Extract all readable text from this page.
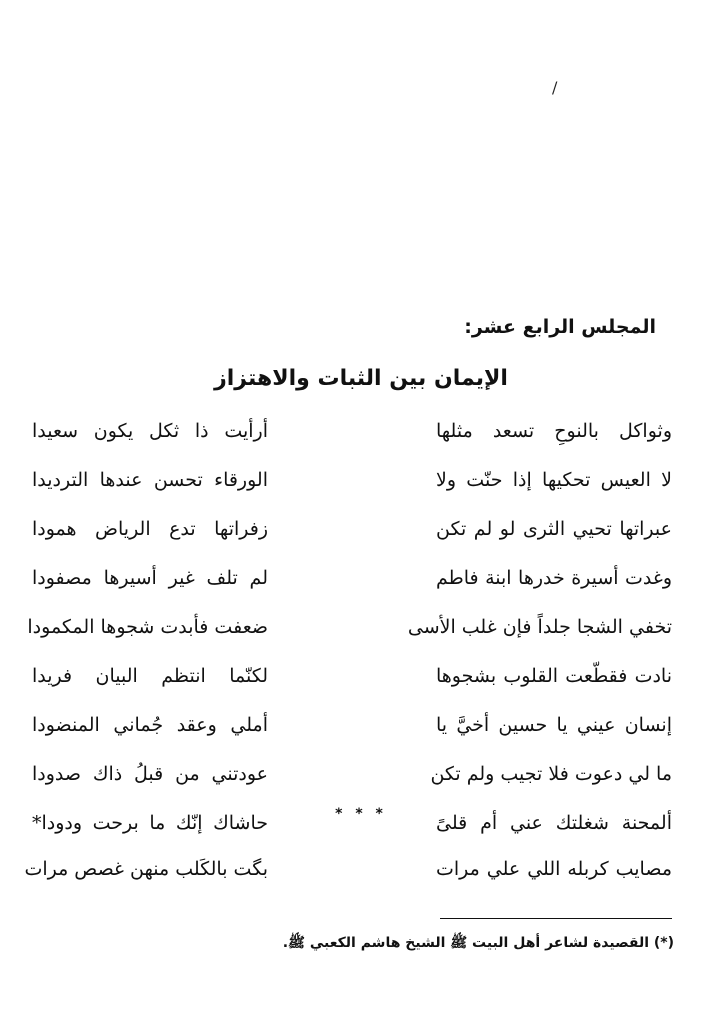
/
المجلس الرابع عشر:
الإيمان بين الثبات والاهتزاز
وثواكل بالنوحِ تسعد مثلها
أرأيت ذا ثكل يكون سعيدا
لا العيس تحكيها إذا حنّت ولا
الورقاء تحسن عندها الترديدا
عبراتها تحيي الثرى لو لم تكن
زفراتها تدع الرياض همودا
وغدت أسيرة خدرها ابنة فاطم
لم تلف غير أسيرها مصفودا
تخفي الشجا جلداً فإن غلب الأسى
ضعفت فأبدت شجوها المكمودا
نادت فقطّعت القلوب بشجوها
لكنّما انتظم البيان فريدا
إنسان عيني يا حسين أخيَّ يا
أملي وعقد جُماني المنضودا
ما لي دعوت فلا تجيب ولم تكن
عودتني من قبلُ ذاك صدودا
ألمحنة شغلتك عني أم قلىً
حاشاك إنّك ما برحت ودودا*	* * *
مصايب كربله اللي علي مرات
بگت بالكَلب منهن غصص مرات
(*) القصيدة لشاعر أهل البيت ﷺ الشيخ هاشم الكعبي ﷺ.
